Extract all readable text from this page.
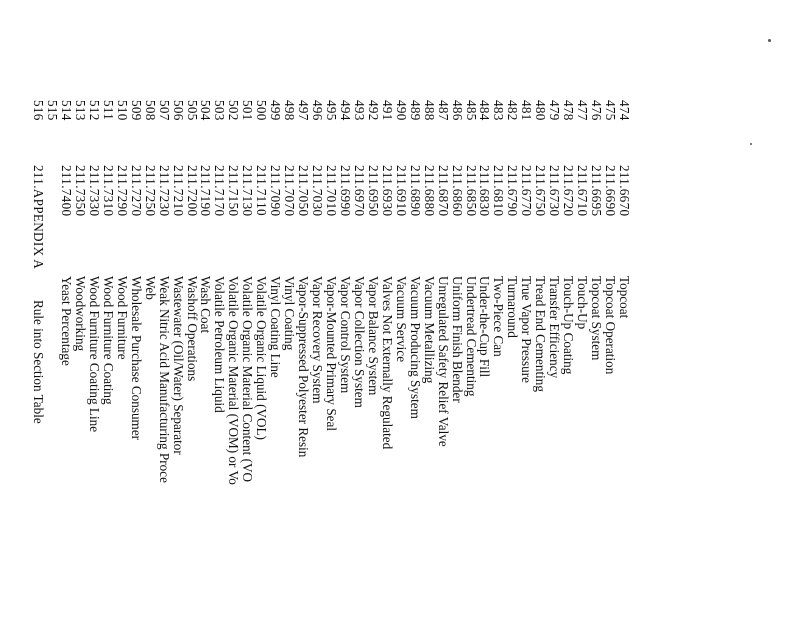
474
211.6670
Topcoat
475
211.6690
Topcoat Operation
476
211.6695
Topcoat System
477
211.6710
Touch-Up
478
211.6720
Touch-Up Coating
479
211.6730
Transfer Efficiency
480
211.6750
Tread End Cementing
481
211.6770
True Vapor Pressure
482
211.6790
Turnaround
483
211.6810
Two-Piece Can
484
211.6830
Under-the-Cup Fill
485
211.6850
Undertread Cementing
486
211.6860
Uniform Finish Blender
487
211.6870
Unregulated Safety Relief Valve
488
211.6880
Vacuum Metallizing
489
211.6890
Vacuum Producing System
490
211.6910
Vacuum Service
491
211.6930
Valves Not Externally Regulated
492
211.6950
Vapor Balance System
493
211.6970
Vapor Collection System
494
211.6990
Vapor Control System
495
211.7010
Vapor-Mounted Primary Seal
496
211.7030
Vapor Recovery System
497
211.7050
Vapor-Suppressed Polyester Resin
498
211.7070
Vinyl Coating
499
211.7090
Vinyl Coating Line
500
211.7110
Volatile Organic Liquid (VOL)
501
211.7130
Volatile Organic Material Content (VO
502
211.7150
Volatile Organic Material (VOM) or Vo
503
211.7170
Volatile Petroleum Liquid
504
211.7190
Wash Coat
505
211.7200
Washoff Operations
506
211.7210
Wastewater (Oil/Water) Separator
507
211.7230
Weak Nitric Acid Manufacturing Proce
508
211.7250
Web
509
211.7270
Wholesale Purchase Consumer
510
211.7290
Wood Furniture
511
211.7310
Wood Furniture Coating
512
211.7330
Wood Furniture Coating Line
513
211.7350
Woodworking
514
211.7400
Yeast Percentage
515
516
211.APPENDIX A
Rule into Section Table
